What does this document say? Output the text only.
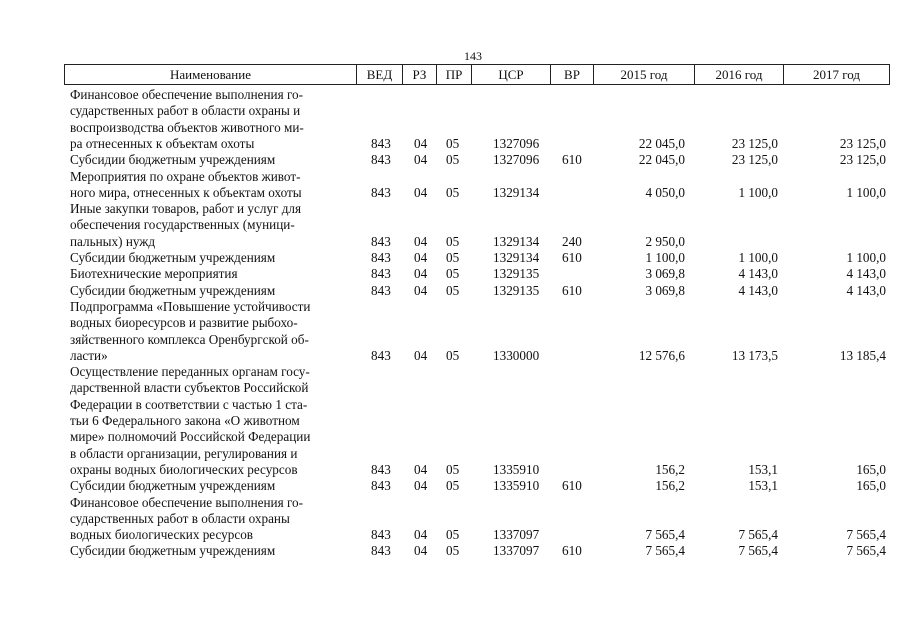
143
Наименование	ВЕД	РЗ	ПР	ЦСР	ВР	2015 год	2016 год	2017 год
Финансовое обеспечение выполнения го-
сударственных работ в области охраны и
воспроизводства объектов животного ми-
ра отнесенных к объектам охоты	843 04 05	1327096	22 045,0	23 125,0	23 125,0
Субсидии бюджетным учреждениям	843 04 05	1327096 610	22 045,0	23 125,0	23 125,0
Мероприятия по охране объектов живот-
ного мира, отнесенных к объектам охоты	843 04 05	1329134	4 050,0	1 100,0	1 100,0
Иные закупки товаров, работ и услуг для
обеспечения государственных (муници-
пальных) нужд	843 04 05	1329134 240	2 950,0
Субсидии бюджетным учреждениям	843 04 05	1329134 610	1 100,0	1 100,0	1 100,0
Биотехнические мероприятия	843 04 05	1329135	3 069,8	4 143,0	4 143,0
Субсидии бюджетным учреждениям	843 04 05	1329135 610	3 069,8	4 143,0	4 143,0
Подпрограмма «Повышение устойчивости
водных биоресурсов и развитие рыбохо-
зяйственного комплекса Оренбургской об-
ласти»	843 04 05	1330000	12 576,6	13 173,5	13 185,4
Осуществление переданных органам госу-
дарственной власти субъектов Российской
Федерации в соответствии с частью 1 ста-
тьи 6 Федерального закона «О животном
мире» полномочий Российской Федерации
в области организации, регулирования и
охраны водных биологических ресурсов	843 04 05	1335910	156,2	153,1	165,0
Субсидии бюджетным учреждениям	843 04 05	1335910 610	156,2	153,1	165,0
Финансовое обеспечение выполнения го-
сударственных работ в области охраны
водных биологических ресурсов	843 04 05	1337097	7 565,4	7 565,4	7 565,4
Субсидии бюджетным учреждениям	843 04 05	1337097 610	7 565,4	7 565,4	7 565,4
